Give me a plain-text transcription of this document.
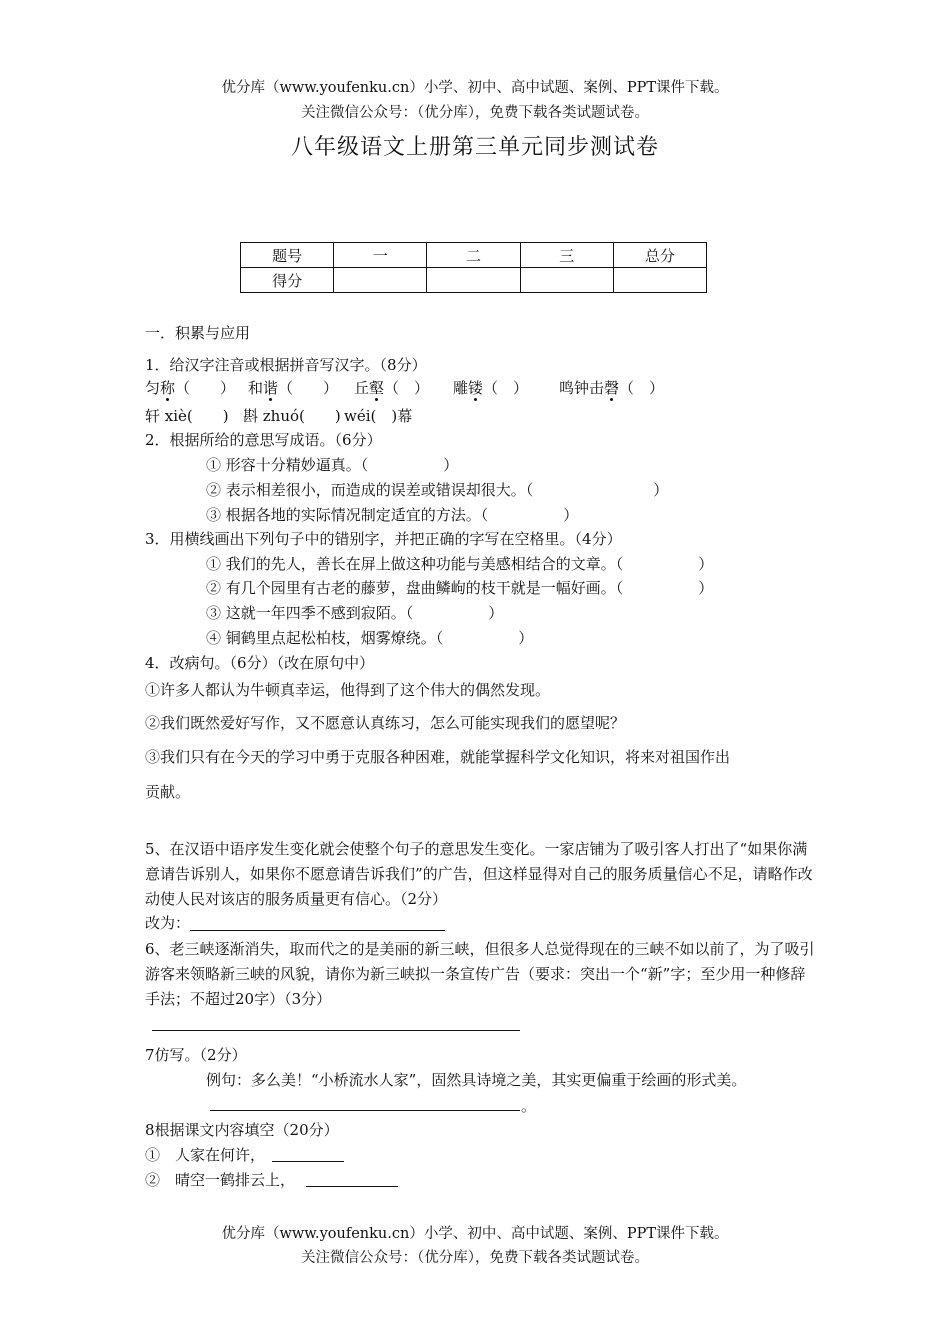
优分库（www.youfenku.cn）小学、初中、高中试题、案例、PPT课件下载。
关注微信公众号：（优分库），免费下载各类试题试卷。
八年级语文上册第三单元同步测试卷
题号	一	二	三	总分
得分				
一．积累与应用
1．给汉字注音或根据拼音写汉字。（8分）
匀称（　　） 和谐（　　） 丘壑（　） 雕镂（　） 鸣钟击磬（　）
轩 xiè(　　) 斟 zhuó(　　) wéi(　)幕
2．根据所给的意思写成语。（6分）
① 形容十分精妙逼真。（　　　　　）
② 表示相差很小，而造成的误差或错误却很大。（　　　　　　　　）
③ 根据各地的实际情况制定适宜的方法。（　　　　　）
3．用横线画出下列句子中的错别字，并把正确的字写在空格里。（4分）
① 我们的先人，善长在屏上做这种功能与美感相结合的文章。（　　　　　）
② 有几个园里有古老的藤萝，盘曲鳞岣的枝干就是一幅好画。（　　　　　）
③ 这就一年四季不感到寂陌。（　　　　　）
④ 铜鹤里点起松柏枝，烟雾燎绕。（　　　　　）
4．改病句。（6分）（改在原句中）
①许多人都认为牛顿真幸运，他得到了这个伟大的偶然发现。
②我们既然爱好写作，又不愿意认真练习，怎么可能实现我们的愿望呢？
③我们只有在今天的学习中勇于克服各种困难，就能掌握科学文化知识，将来对祖国作出
贡献。
5、在汉语中语序发生变化就会使整个句子的意思发生变化。一家店铺为了吸引客人打出了“如果你满意请告诉别人，如果你不愿意请告诉我们”的广告，但这样显得对自己的服务质量信心不足，请略作改动使人民对该店的服务质量更有信心。（2分）
改为：
6、老三峡逐渐消失，取而代之的是美丽的新三峡，但很多人总觉得现在的三峡不如以前了，为了吸引游客来领略新三峡的风貌，请你为新三峡拟一条宣传广告（要求：突出一个“新”字；至少用一种修辞手法；不超过20字）（3分）
7仿写。（2分）
例句：多么美！“小桥流水人家”，固然具诗境之美，其实更偏重于绘画的形式美。
。
8根据课文内容填空（20分）
①　人家在何许，
②　晴空一鹤排云上，
优分库（www.youfenku.cn）小学、初中、高中试题、案例、PPT课件下载。
关注微信公众号：（优分库），免费下载各类试题试卷。
